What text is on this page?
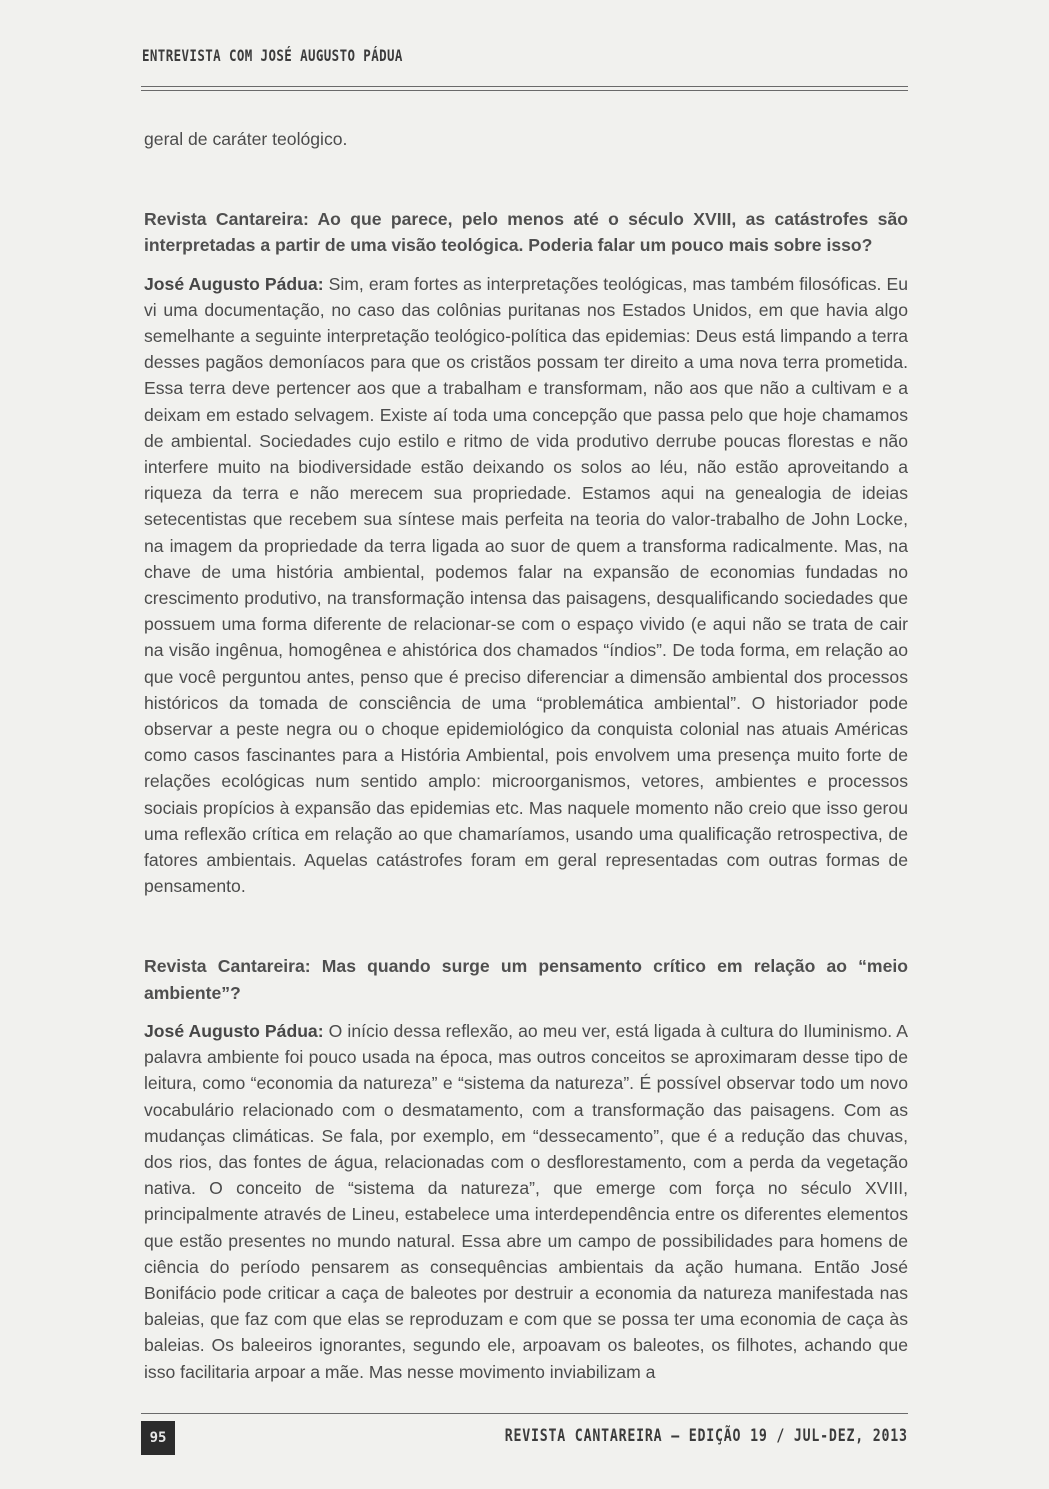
ENTREVISTA COM JOSÉ AUGUSTO PÁDUA

geral de caráter teológico.

Revista Cantareira: Ao que parece, pelo menos até o século XVIII, as catástrofes são interpretadas a partir de uma visão teológica. Poderia falar um pouco mais sobre isso?

José Augusto Pádua: Sim, eram fortes as interpretações teológicas, mas também filosóficas. Eu vi uma documentação, no caso das colônias puritanas nos Estados Unidos, em que havia algo semelhante a seguinte interpretação teológico-política das epidemias: Deus está limpando a terra desses pagãos demoníacos para que os cristãos possam ter direito a uma nova terra prometida. Essa terra deve pertencer aos que a trabalham e transformam, não aos que não a cultivam e a deixam em estado selvagem. Existe aí toda uma concepção que passa pelo que hoje chamamos de ambiental. Sociedades cujo estilo e ritmo de vida produtivo derrube poucas florestas e não interfere muito na biodiversidade estão deixando os solos ao léu, não estão aproveitando a riqueza da terra e não merecem sua propriedade. Estamos aqui na genealogia de ideias setecentistas que recebem sua síntese mais perfeita na teoria do valor-trabalho de John Locke, na imagem da propriedade da terra ligada ao suor de quem a transforma radicalmente. Mas, na chave de uma história ambiental, podemos falar na expansão de economias fundadas no crescimento produtivo, na transformação intensa das paisagens, desqualificando sociedades que possuem uma forma diferente de relacionar-se com o espaço vivido (e aqui não se trata de cair na visão ingênua, homogênea e ahistórica dos chamados “índios”. De toda forma, em relação ao que você perguntou antes, penso que é preciso diferenciar a dimensão ambiental dos processos históricos da tomada de consciência de uma “problemática ambiental”. O historiador pode observar a peste negra ou o choque epidemiológico da conquista colonial nas atuais Américas como casos fascinantes para a História Ambiental, pois envolvem uma presença muito forte de relações ecológicas num sentido amplo: microorganismos, vetores, ambientes e processos sociais propícios à expansão das epidemias etc. Mas naquele momento não creio que isso gerou uma reflexão crítica em relação ao que chamaríamos, usando uma qualificação retrospectiva, de fatores ambientais. Aquelas catástrofes foram em geral representadas com outras formas de pensamento.

Revista Cantareira: Mas quando surge um pensamento crítico em relação ao “meio ambiente”?

José Augusto Pádua: O início dessa reflexão, ao meu ver, está ligada à cultura do Iluminismo. A palavra ambiente foi pouco usada na época, mas outros conceitos se aproximaram desse tipo de leitura, como “economia da natureza” e “sistema da natureza”. É possível observar todo um novo vocabulário relacionado com o desmatamento, com a transformação das paisagens. Com as mudanças climáticas. Se fala, por exemplo, em “dessecamento”, que é a redução das chuvas, dos rios, das fontes de água, relacionadas com o desflorestamento, com a perda da vegetação nativa. O conceito de “sistema da natureza”, que emerge com força no século XVIII, principalmente através de Lineu, estabelece uma interdependência entre os diferentes elementos que estão presentes no mundo natural. Essa abre um campo de possibilidades para homens de ciência do período pensarem as consequências ambientais da ação humana. Então José Bonifácio pode criticar a caça de baleotes por destruir a economia da natureza manifestada nas baleias, que faz com que elas se reproduzam e com que se possa ter uma economia de caça às baleias. Os baleeiros ignorantes, segundo ele, arpoavam os baleotes, os filhotes, achando que isso facilitaria arpoar a mãe. Mas nesse movimento inviabilizam a

95	REVISTA CANTAREIRA – EDIÇÃO 19 / JUL-DEZ, 2013
